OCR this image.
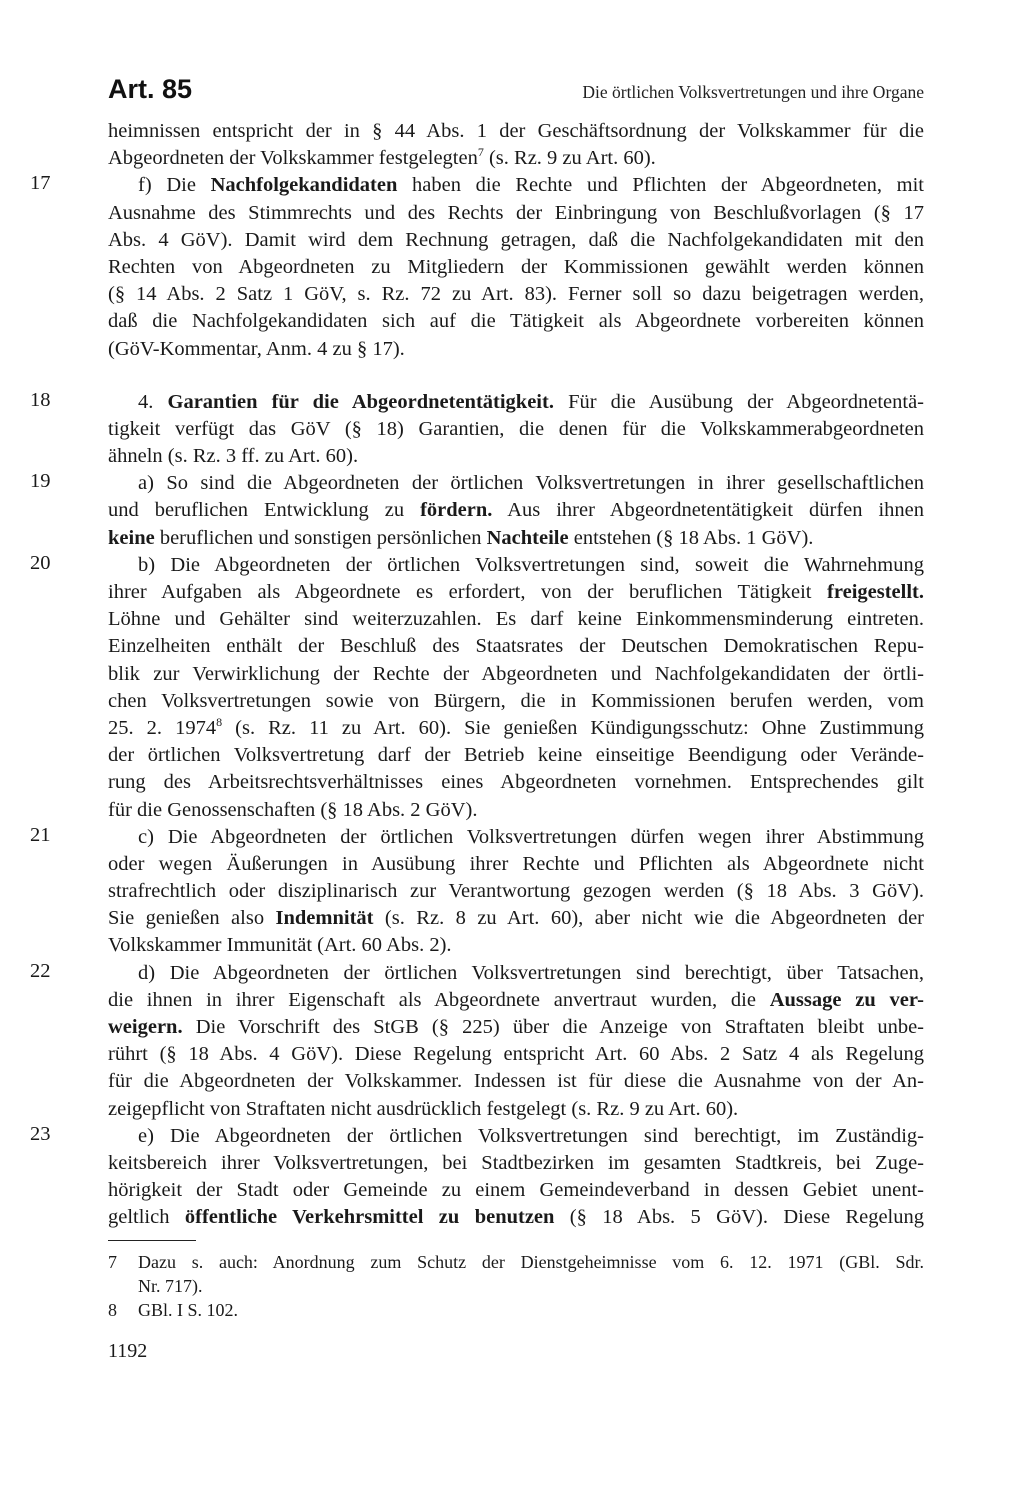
Art. 85	Die örtlichen Volksvertretungen und ihre Organe
heimnissen entspricht der in § 44 Abs. 1 der Geschäftsordnung der Volkskammer für die
Abgeordneten der Volkskammer festgelegten$^7$ (s. Rz. 9 zu Art. 60).
17	f) Die Nachfolgekandidaten haben die Rechte und Pflichten der Abgeordneten, mit
Ausnahme des Stimmrechts und des Rechts der Einbringung von Beschlußvorlagen (§ 17
Abs. 4 GöV). Damit wird dem Rechnung getragen, daß die Nachfolgekandidaten mit den
Rechten von Abgeordneten zu Mitgliedern der Kommissionen gewählt werden können
(§ 14 Abs. 2 Satz 1 GöV, s. Rz. 72 zu Art. 83). Ferner soll so dazu beigetragen werden,
daß die Nachfolgekandidaten sich auf die Tätigkeit als Abgeordnete vorbereiten können
(GöV-Kommentar, Anm. 4 zu § 17).
18	4. Garantien für die Abgeordnetentätigkeit. Für die Ausübung der Abgeordnetentä-
tigkeit verfügt das GöV (§ 18) Garantien, die denen für die Volkskammerabgeordneten
ähneln (s. Rz. 3 ff. zu Art. 60).
19	a) So sind die Abgeordneten der örtlichen Volksvertretungen in ihrer gesellschaftlichen
und beruflichen Entwicklung zu fördern. Aus ihrer Abgeordnetentätigkeit dürfen ihnen
keine beruflichen und sonstigen persönlichen Nachteile entstehen (§ 18 Abs. 1 GöV).
20	b) Die Abgeordneten der örtlichen Volksvertretungen sind, soweit die Wahrnehmung
ihrer Aufgaben als Abgeordnete es erfordert, von der beruflichen Tätigkeit freigestellt.
Löhne und Gehälter sind weiterzuzahlen. Es darf keine Einkommensminderung eintreten.
Einzelheiten enthält der Beschluß des Staatsrates der Deutschen Demokratischen Repu-
blik zur Verwirklichung der Rechte der Abgeordneten und Nachfolgekandidaten der örtli-
chen Volksvertretungen sowie von Bürgern, die in Kommissionen berufen werden, vom
25. 2. 1974$^8$ (s. Rz. 11 zu Art. 60). Sie genießen Kündigungsschutz: Ohne Zustimmung
der örtlichen Volksvertretung darf der Betrieb keine einseitige Beendigung oder Verände-
rung des Arbeitsrechtsverhältnisses eines Abgeordneten vornehmen. Entsprechendes gilt
für die Genossenschaften (§ 18 Abs. 2 GöV).
21	c) Die Abgeordneten der örtlichen Volksvertretungen dürfen wegen ihrer Abstimmung
oder wegen Äußerungen in Ausübung ihrer Rechte und Pflichten als Abgeordnete nicht
strafrechtlich oder disziplinarisch zur Verantwortung gezogen werden (§ 18 Abs. 3 GöV).
Sie genießen also Indemnität (s. Rz. 8 zu Art. 60), aber nicht wie die Abgeordneten der
Volkskammer Immunität (Art. 60 Abs. 2).
22	d) Die Abgeordneten der örtlichen Volksvertretungen sind berechtigt, über Tatsachen,
die ihnen in ihrer Eigenschaft als Abgeordnete anvertraut wurden, die Aussage zu ver-
weigern. Die Vorschrift des StGB (§ 225) über die Anzeige von Straftaten bleibt unbe-
rührt (§ 18 Abs. 4 GöV). Diese Regelung entspricht Art. 60 Abs. 2 Satz 4 als Regelung
für die Abgeordneten der Volkskammer. Indessen ist für diese die Ausnahme von der An-
zeigepflicht von Straftaten nicht ausdrücklich festgelegt (s. Rz. 9 zu Art. 60).
23	e) Die Abgeordneten der örtlichen Volksvertretungen sind berechtigt, im Zuständig-
keitsbereich ihrer Volksvertretungen, bei Stadtbezirken im gesamten Stadtkreis, bei Zuge-
hörigkeit der Stadt oder Gemeinde zu einem Gemeindeverband in dessen Gebiet unent-
geltlich öffentliche Verkehrsmittel zu benutzen (§ 18 Abs. 5 GöV). Diese Regelung
7 Dazu s. auch: Anordnung zum Schutz der Dienstgeheimnisse vom 6. 12. 1971 (GBl. Sdr.
Nr. 717).
8 GBl. I S. 102.
1192
